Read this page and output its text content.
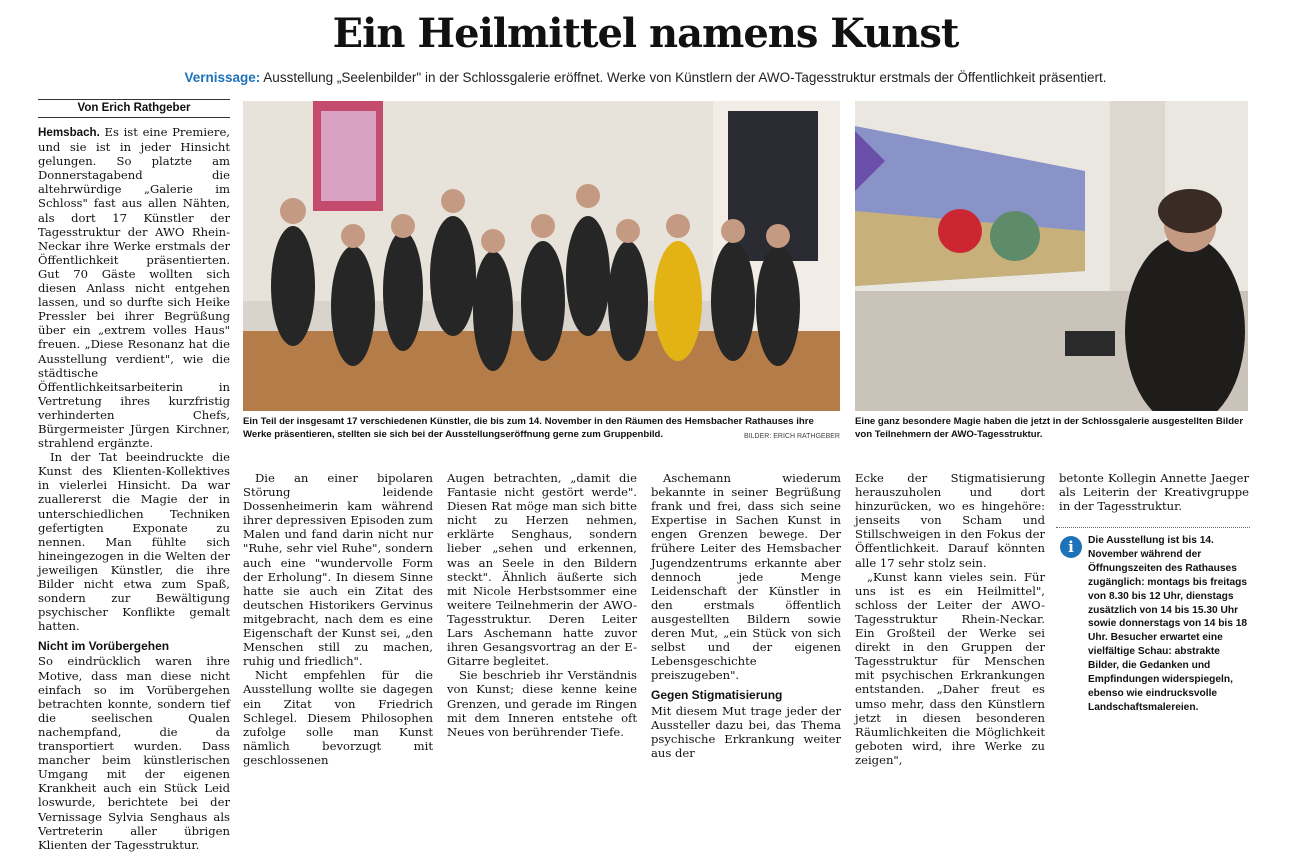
Ein Heilmittel namens Kunst
Vernissage: Ausstellung „Seelenbilder" in der Schlossgalerie eröffnet. Werke von Künstlern der AWO-Tagesstruktur erstmals der Öffentlichkeit präsentiert.
Von Erich Rathgeber

Hemsbach. Es ist eine Premiere, und sie ist in jeder Hinsicht gelungen. So platzte am Donnerstagabend die altehrwürdige „Galerie im Schloss" fast aus allen Nähten, als dort 17 Künstler der Tagesstruktur der AWO Rhein- Neckar ihre Werke erstmals der Öffentlichkeit präsentierten. Gut 70 Gäste wollten sich diesen Anlass nicht entgehen lassen, und so durfte sich Heike Pressler bei ihrer Begrüßung über ein „extrem volles Haus" freuen. „Diese Resonanz hat die Ausstellung verdient", wie die städtische Öffentlichkeitsarbeiterin in Vertretung ihres kurzfristig verhinderten Chefs, Bürgermeister Jürgen Kirchner, strahlend ergänzte.

In der Tat beeindruckte die Kunst des Klienten-Kollektives in vielerlei Hinsicht. Da war zuallererst die Magie der in unterschiedlichen Techniken gefertigten Exponate zu nennen. Man fühlte sich hineingezogen in die Welten der jeweiligen Künstler, die ihre Bilder nicht etwa zum Spaß, sondern zur Bewältigung psychischer Konflikte gemalt hatten.

Nicht im Vorübergehen

So eindrücklich waren ihre Motive, dass man diese nicht einfach so im Vorübergehen betrachten konnte, sondern tief die seelischen Qualen nachempfand, die da transportiert wurden. Dass mancher beim künstlerischen Umgang mit der eigenen Krankheit auch ein Stück Leid loswurde, berichtete bei der Vernissage Sylvia Senghaus als Vertreterin aller übrigen Klienten der Tagesstruktur.

Ein Teil der insgesamt 17 verschiedenen Künstler, die bis zum 14. November in den Räumen des Hemsbacher Rathauses ihre Werke präsentieren, stellten sie sich bei der Ausstellungseröffnung gerne zum Gruppenbild.	BILDER: ERICH RATHGEBER
Eine ganz besondere Magie haben die jetzt in der Schlossgalerie ausgestellten Bilder von Teilnehmern der AWO-Tagesstruktur.

Die an einer bipolaren Störung leidende Dossenheimerin kam während ihrer depressiven Episoden zum Malen und fand darin nicht nur "Ruhe, sehr viel Ruhe", sondern auch eine "wundervolle Form der Erholung". In diesem Sinne hatte sie auch ein Zitat des deutschen Historikers Gervinus mitgebracht, nach dem es eine Eigenschaft der Kunst sei, „den Menschen still zu machen, ruhig und friedlich".

Nicht empfehlen für die Ausstellung wollte sie dagegen ein Zitat von Friedrich Schlegel. Diesem Philosophen zufolge solle man Kunst nämlich bevorzugt mit geschlossenen

Augen betrachten, „damit die Fantasie nicht gestört werde". Diesen Rat möge man sich bitte nicht zu Herzen nehmen, erklärte Senghaus, sondern lieber „sehen und erkennen, was an Seele in den Bildern steckt". Ähnlich äußerte sich mit Nicole Herbstsommer eine weitere Teilnehmerin der AWO-Tagesstruktur. Deren Leiter Lars Aschemann hatte zuvor ihren Gesangsvortrag an der E-Gitarre begleitet.

Sie beschrieb ihr Verständnis von Kunst; diese kenne keine Grenzen, und gerade im Ringen mit dem Inneren entstehe oft Neues von berührender Tiefe.

Aschemann wiederum bekannte in seiner Begrüßung frank und frei, dass sich seine Expertise in Sachen Kunst in engen Grenzen bewege. Der frühere Leiter des Hemsbacher Jugendzentrums erkannte aber dennoch jede Menge Leidenschaft der Künstler in den erstmals öffentlich ausgestellten Bildern sowie deren Mut, „ein Stück von sich selbst und der eigenen Lebensgeschichte preiszugeben".

Gegen Stigmatisierung

Mit diesem Mut trage jeder der Aussteller dazu bei, das Thema psychische Erkrankung weiter aus der

Ecke der Stigmatisierung herauszuholen und dort hinzurücken, wo es hingehöre: jenseits von Scham und Stillschweigen in den Fokus der Öffentlichkeit. Darauf könnten alle 17 sehr stolz sein.

„Kunst kann vieles sein. Für uns ist es ein Heilmittel", schloss der Leiter der AWO-Tagesstruktur Rhein-Neckar. Ein Großteil der Werke sei direkt in den Gruppen der Tagesstruktur für Menschen mit psychischen Erkrankungen entstanden. „Daher freut es umso mehr, dass den Künstlern jetzt in diesen besonderen Räumlichkeiten die Möglichkeit geboten wird, ihre Werke zu zeigen",

betonte Kollegin Annette Jaeger als Leiterin der Kreativgruppe in der Tagesstruktur.

i	Die Ausstellung ist bis 14. November während der Öffnungszeiten des Rathauses zugänglich: montags bis freitags von 8.30 bis 12 Uhr, dienstags zusätzlich von 14 bis 15.30 Uhr sowie donnerstags von 14 bis 18 Uhr. Besucher erwartet eine vielfältige Schau: abstrakte Bilder, die Gedanken und Empfindungen widerspiegeln, ebenso wie eindrucksvolle Landschaftsmalereien.
